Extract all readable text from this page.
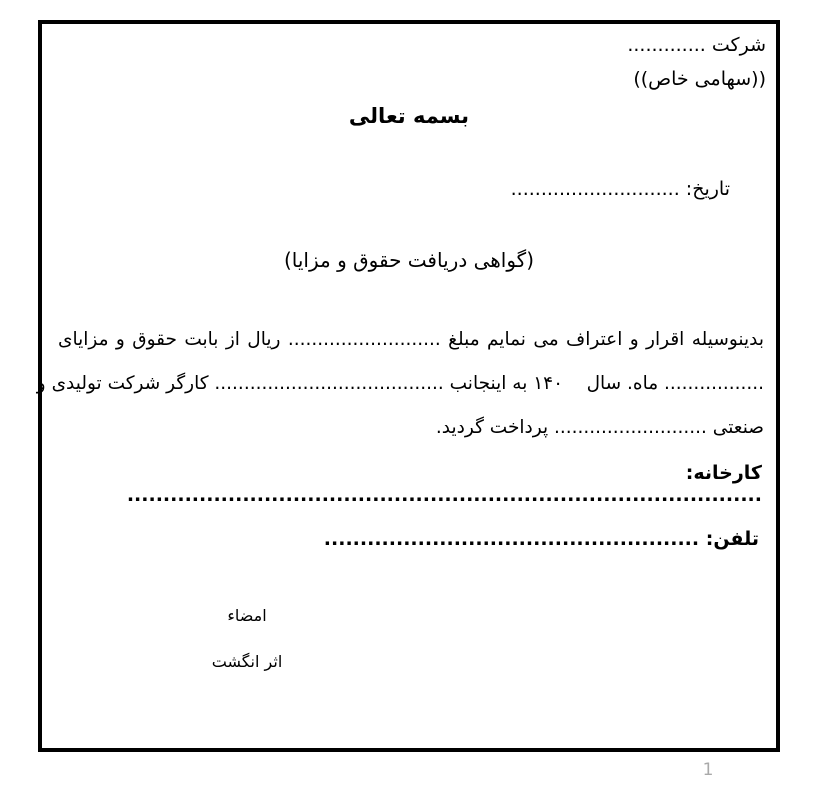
شرکت .............
((سهامی خاص))
بسمه تعالی
تاریخ: ............................
(گواهی دریافت حقوق و مزایا)
بدینوسیله اقرار و اعتراف می نمایم مبلغ .......................... ریال از بابت حقوق و مزایای
................. ماه. سال    ۱۴۰ به اینجانب ....................................... کارگر شرکت تولیدی و
صنعتی .......................... پرداخت گردید.
کارخانه: ........................................................................................
تلفن: ....................................................
امضاء
اثر انگشت
1
